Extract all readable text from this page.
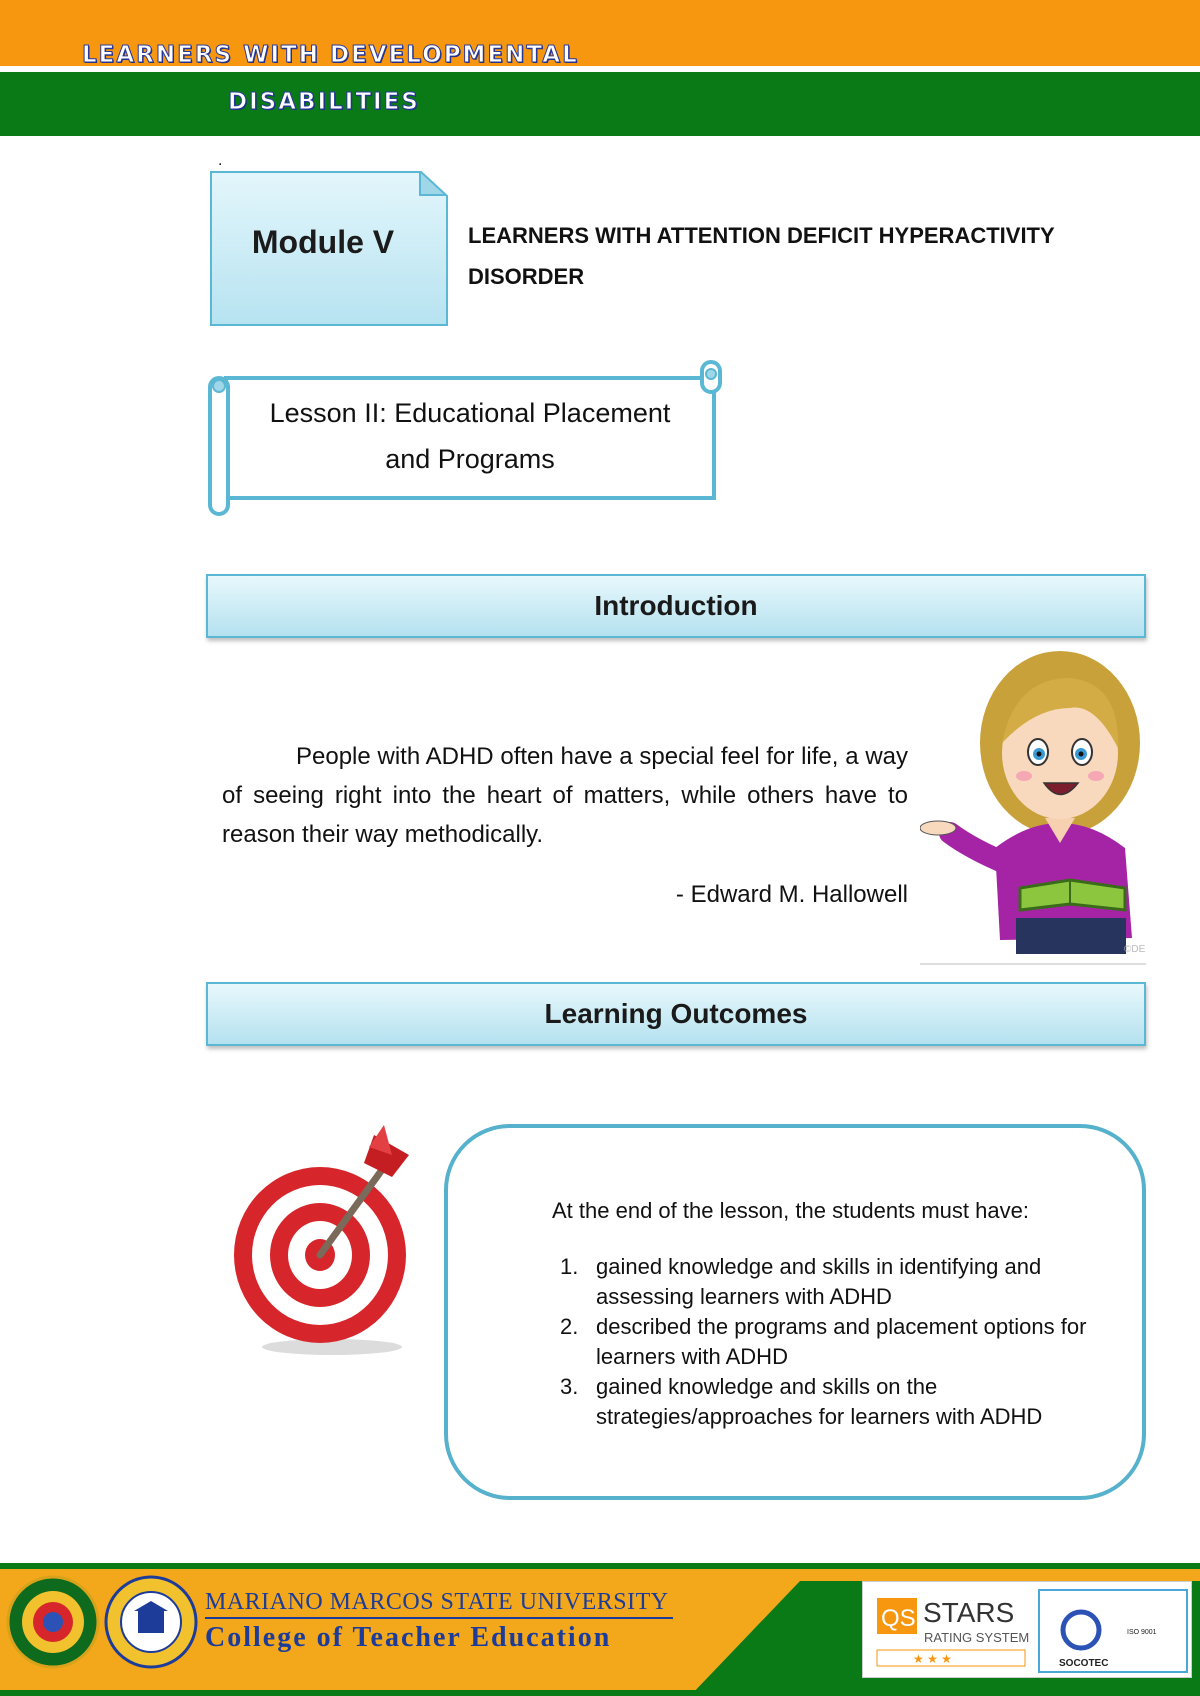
LEARNERS WITH DEVELOPMENTAL
DISABILITIES
.
Module V	LEARNERS WITH ATTENTION DEFICIT HYPERACTIVITY
DISORDER
Lesson II: Educational Placement
and Programs
Introduction
People with ADHD often have a special feel for life, a way of seeing right into the heart of matters, while others have to reason their way methodically.
- Edward M. Hallowell
©DE
Learning Outcomes
At the end of the lesson, the students must have:
1. gained knowledge and skills in identifying and assessing learners with ADHD
2. described the programs and placement options for learners with ADHD
3. gained knowledge and skills on the strategies/approaches for learners with ADHD
MARIANO MARCOS STATE UNIVERSITY
College of Teacher Education
QS STARS
RATING SYSTEM
★ ★ ★	SOCOTEC
ISO 9001
